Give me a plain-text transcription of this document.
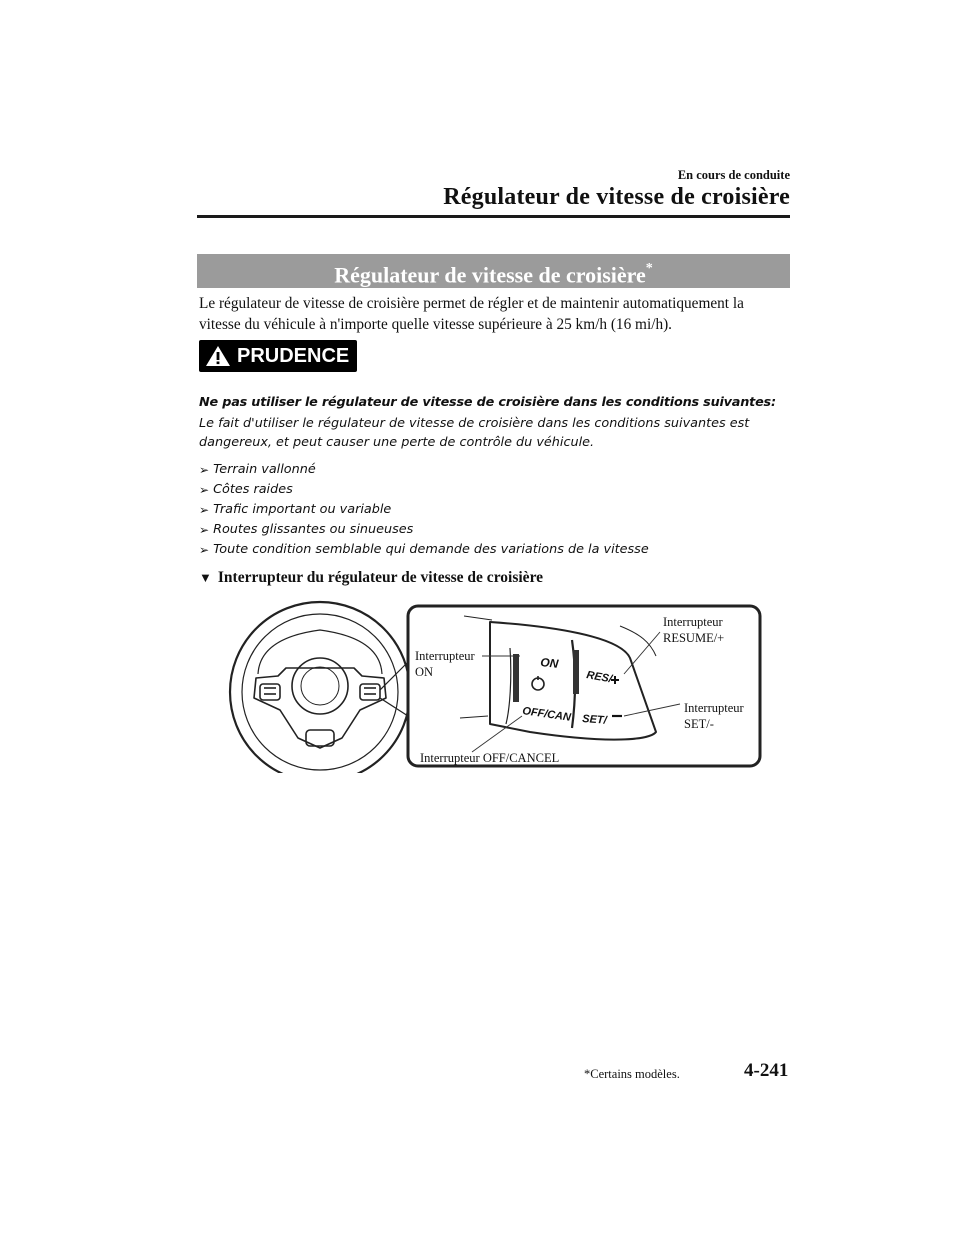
En cours de conduite
Régulateur de vitesse de croisière
Régulateur de vitesse de croisière*
Le régulateur de vitesse de croisière permet de régler et de maintenir automatiquement la vitesse du véhicule à n'importe quelle vitesse supérieure à 25 km/h (16 mi/h).
PRUDENCE
Ne pas utiliser le régulateur de vitesse de croisière dans les conditions suivantes:
Le fait d'utiliser le régulateur de vitesse de croisière dans les conditions suivantes est dangereux, et peut causer une perte de contrôle du véhicule.
➢ Terrain vallonné
➢ Côtes raides
➢ Trafic important ou variable
➢ Routes glissantes ou sinueuses
➢ Toute condition semblable qui demande des variations de la vitesse
▼ Interrupteur du régulateur de vitesse de croisière
ON
OFF/CAN
RES/
SET/
Interrupteur
ON
Interrupteur
RESUME/+
Interrupteur
SET/-
Interrupteur OFF/CANCEL
*Certains modèles.	4-241
